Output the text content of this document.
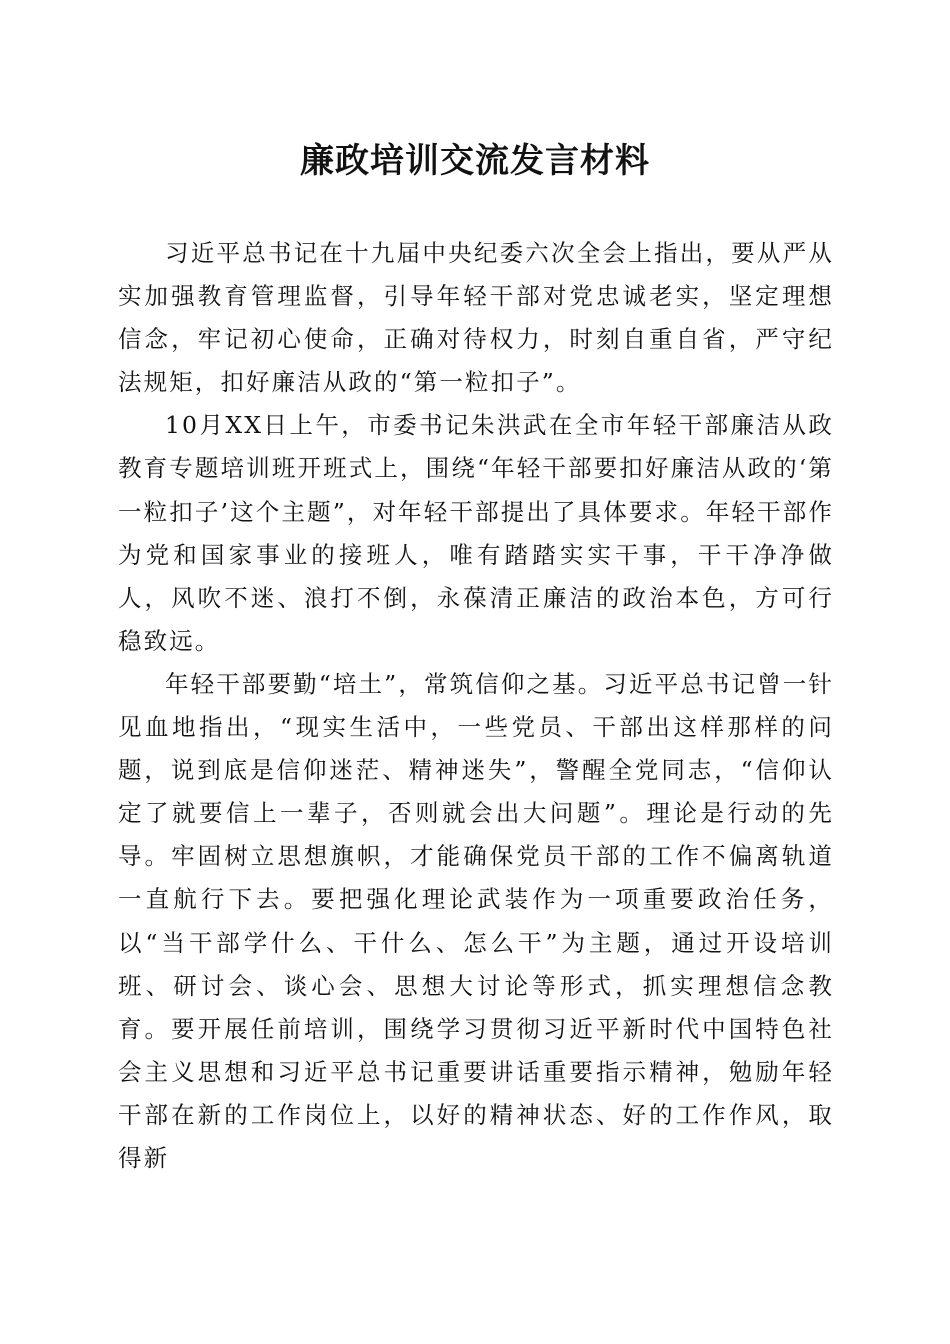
廉政培训交流发言材料

习近平总书记在十九届中央纪委六次全会上指出，要从严从实加强教育管理监督，引导年轻干部对党忠诚老实，坚定理想信念，牢记初心使命，正确对待权力，时刻自重自省，严守纪法规矩，扣好廉洁从政的“第一粒扣子”。

10月XX日上午，市委书记朱洪武在全市年轻干部廉洁从政教育专题培训班开班式上，围绕“年轻干部要扣好廉洁从政的‘第一粒扣子’这个主题”，对年轻干部提出了具体要求。年轻干部作为党和国家事业的接班人，唯有踏踏实实干事，干干净净做人，风吹不迷、浪打不倒，永葆清正廉洁的政治本色，方可行稳致远。

年轻干部要勤“培土”，常筑信仰之基。习近平总书记曾一针见血地指出，“现实生活中，一些党员、干部出这样那样的问题，说到底是信仰迷茫、精神迷失”，警醒全党同志，“信仰认定了就要信上一辈子，否则就会出大问题”。理论是行动的先导。牢固树立思想旗帜，才能确保党员干部的工作不偏离轨道一直航行下去。要把强化理论武装作为一项重要政治任务，以“当干部学什么、干什么、怎么干”为主题，通过开设培训班、研讨会、谈心会、思想大讨论等形式，抓实理想信念教育。要开展任前培训，围绕学习贯彻习近平新时代中国特色社会主义思想和习近平总书记重要讲话重要指示精神，勉励年轻干部在新的工作岗位上，以好的精神状态、好的工作作风，取得新
